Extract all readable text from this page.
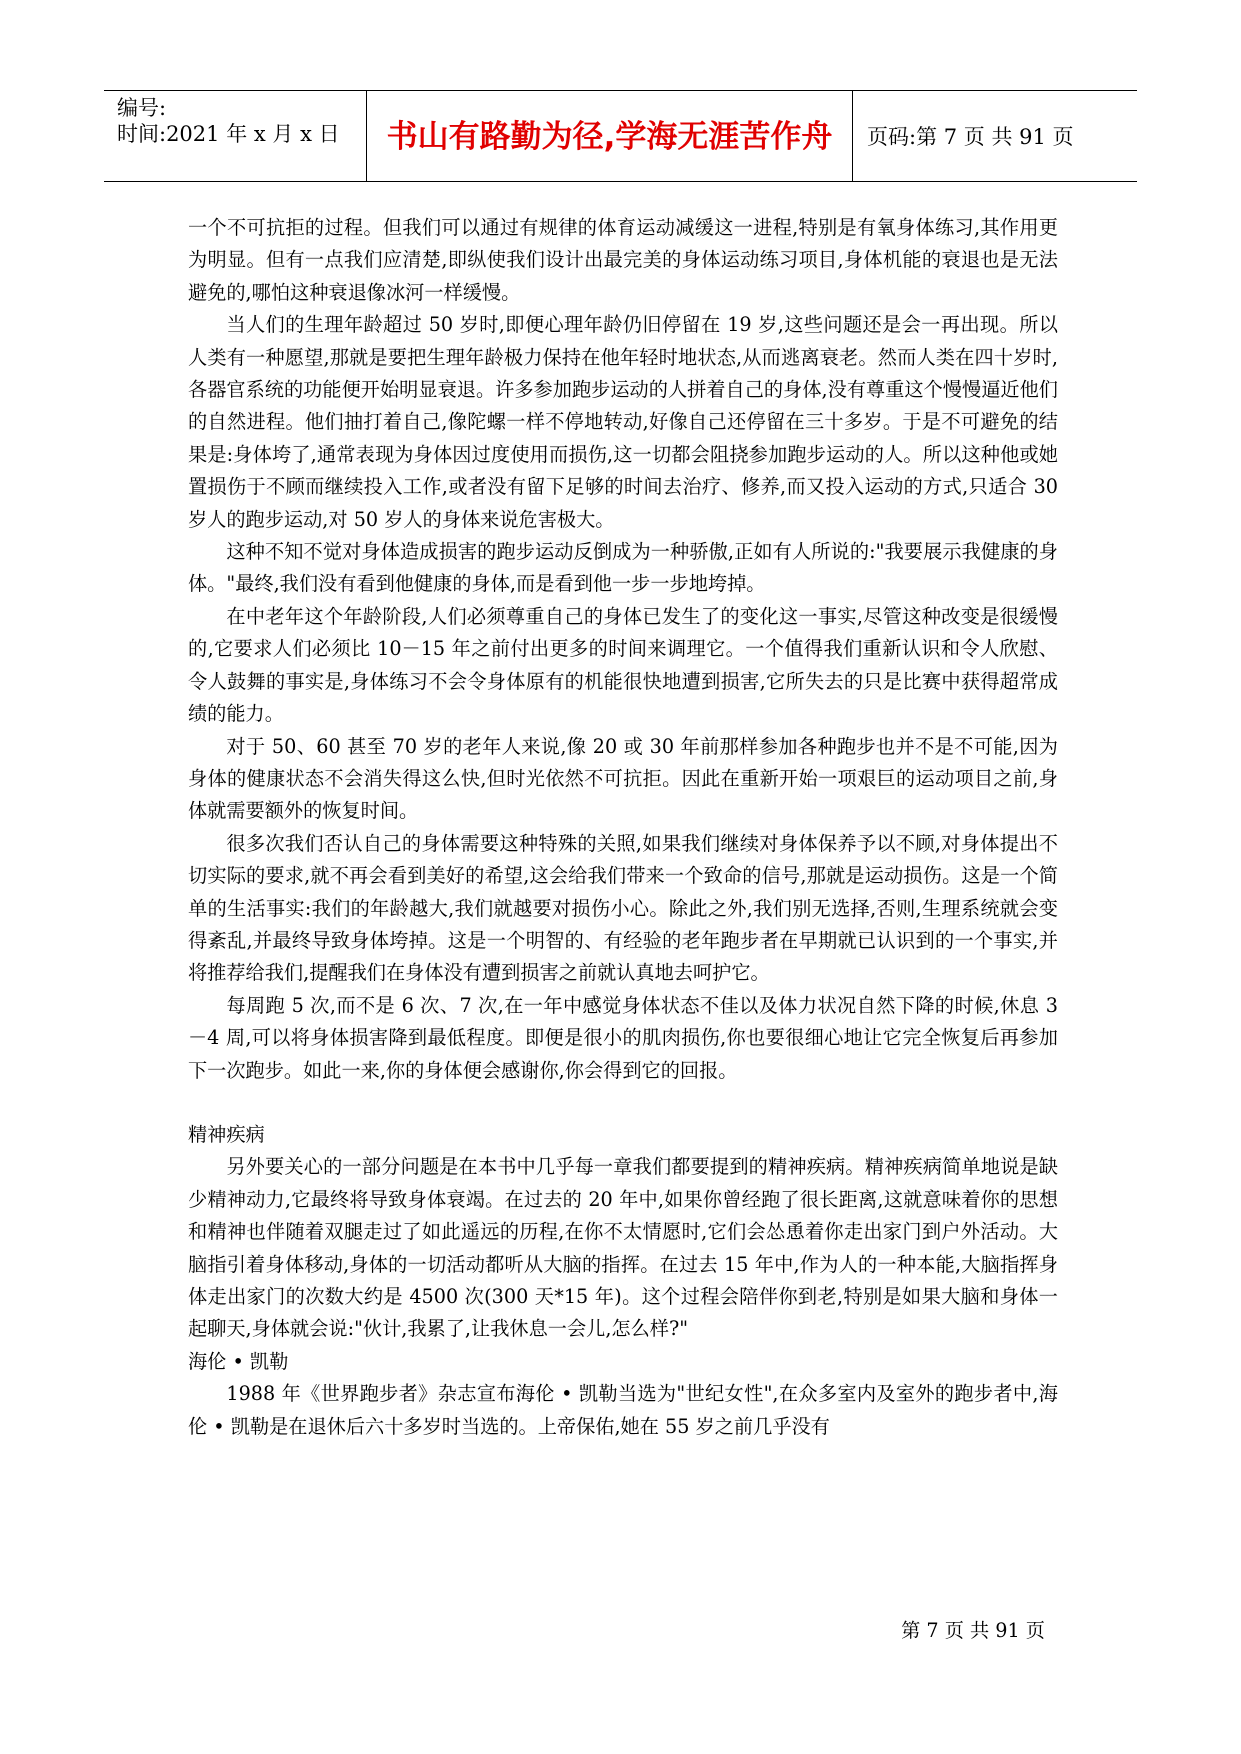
编号:
时间:2021 年 x 月 x 日	书山有路勤为径,学海无涯苦作舟	页码:第 7 页 共 91 页

一个不可抗拒的过程。但我们可以通过有规律的体育运动减缓这一进程,特别是有氧身体练习,其作用更为明显。但有一点我们应清楚,即纵使我们设计出最完美的身体运动练习项目,身体机能的衰退也是无法避免的,哪怕这种衰退像冰河一样缓慢。

当人们的生理年龄超过 50 岁时,即便心理年龄仍旧停留在 19 岁,这些问题还是会一再出现。所以人类有一种愿望,那就是要把生理年龄极力保持在他年轻时地状态,从而逃离衰老。然而人类在四十岁时,各器官系统的功能便开始明显衰退。许多参加跑步运动的人拼着自己的身体,没有尊重这个慢慢逼近他们的自然进程。他们抽打着自己,像陀螺一样不停地转动,好像自己还停留在三十多岁。于是不可避免的结果是:身体垮了,通常表现为身体因过度使用而损伤,这一切都会阻挠参加跑步运动的人。所以这种他或她置损伤于不顾而继续投入工作,或者没有留下足够的时间去治疗、修养,而又投入运动的方式,只适合 30 岁人的跑步运动,对 50 岁人的身体来说危害极大。

这种不知不觉对身体造成损害的跑步运动反倒成为一种骄傲,正如有人所说的:"我要展示我健康的身体。"最终,我们没有看到他健康的身体,而是看到他一步一步地垮掉。

在中老年这个年龄阶段,人们必须尊重自己的身体已发生了的变化这一事实,尽管这种改变是很缓慢的,它要求人们必须比 10－15 年之前付出更多的时间来调理它。一个值得我们重新认识和令人欣慰、令人鼓舞的事实是,身体练习不会令身体原有的机能很快地遭到损害,它所失去的只是比赛中获得超常成绩的能力。

对于 50、60 甚至 70 岁的老年人来说,像 20 或 30 年前那样参加各种跑步也并不是不可能,因为身体的健康状态不会消失得这么快,但时光依然不可抗拒。因此在重新开始一项艰巨的运动项目之前,身体就需要额外的恢复时间。

很多次我们否认自己的身体需要这种特殊的关照,如果我们继续对身体保养予以不顾,对身体提出不切实际的要求,就不再会看到美好的希望,这会给我们带来一个致命的信号,那就是运动损伤。这是一个简单的生活事实:我们的年龄越大,我们就越要对损伤小心。除此之外,我们别无选择,否则,生理系统就会变得紊乱,并最终导致身体垮掉。这是一个明智的、有经验的老年跑步者在早期就已认识到的一个事实,并将推荐给我们,提醒我们在身体没有遭到损害之前就认真地去呵护它。

每周跑 5 次,而不是 6 次、7 次,在一年中感觉身体状态不佳以及体力状况自然下降的时候,休息 3－4 周,可以将身体损害降到最低程度。即便是很小的肌肉损伤,你也要很细心地让它完全恢复后再参加下一次跑步。如此一来,你的身体便会感谢你,你会得到它的回报。

精神疾病

另外要关心的一部分问题是在本书中几乎每一章我们都要提到的精神疾病。精神疾病简单地说是缺少精神动力,它最终将导致身体衰竭。在过去的 20 年中,如果你曾经跑了很长距离,这就意味着你的思想和精神也伴随着双腿走过了如此遥远的历程,在你不太情愿时,它们会怂恿着你走出家门到户外活动。大脑指引着身体移动,身体的一切活动都听从大脑的指挥。在过去 15 年中,作为人的一种本能,大脑指挥身体走出家门的次数大约是 4500 次(300 天*15 年)。这个过程会陪伴你到老,特别是如果大脑和身体一起聊天,身体就会说:"伙计,我累了,让我休息一会儿,怎么样?"

海伦 • 凯勒

1988 年《世界跑步者》杂志宣布海伦 • 凯勒当选为"世纪女性",在众多室内及室外的跑步者中,海伦 • 凯勒是在退休后六十多岁时当选的。上帝保佑,她在 55 岁之前几乎没有

第 7 页 共 91 页
